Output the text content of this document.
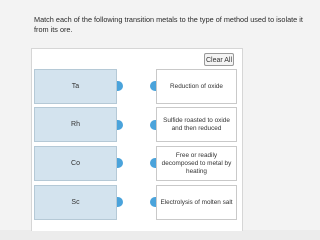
Match each of the following transition metals to the type of method used to isolate it from its ore.
Clear All
Ta	Reduction of oxide
Rh
Sulfide roasted to oxide and then reduced
Co
Free or readily decomposed to metal by heating
Sc	Electrolysis of molten salt
